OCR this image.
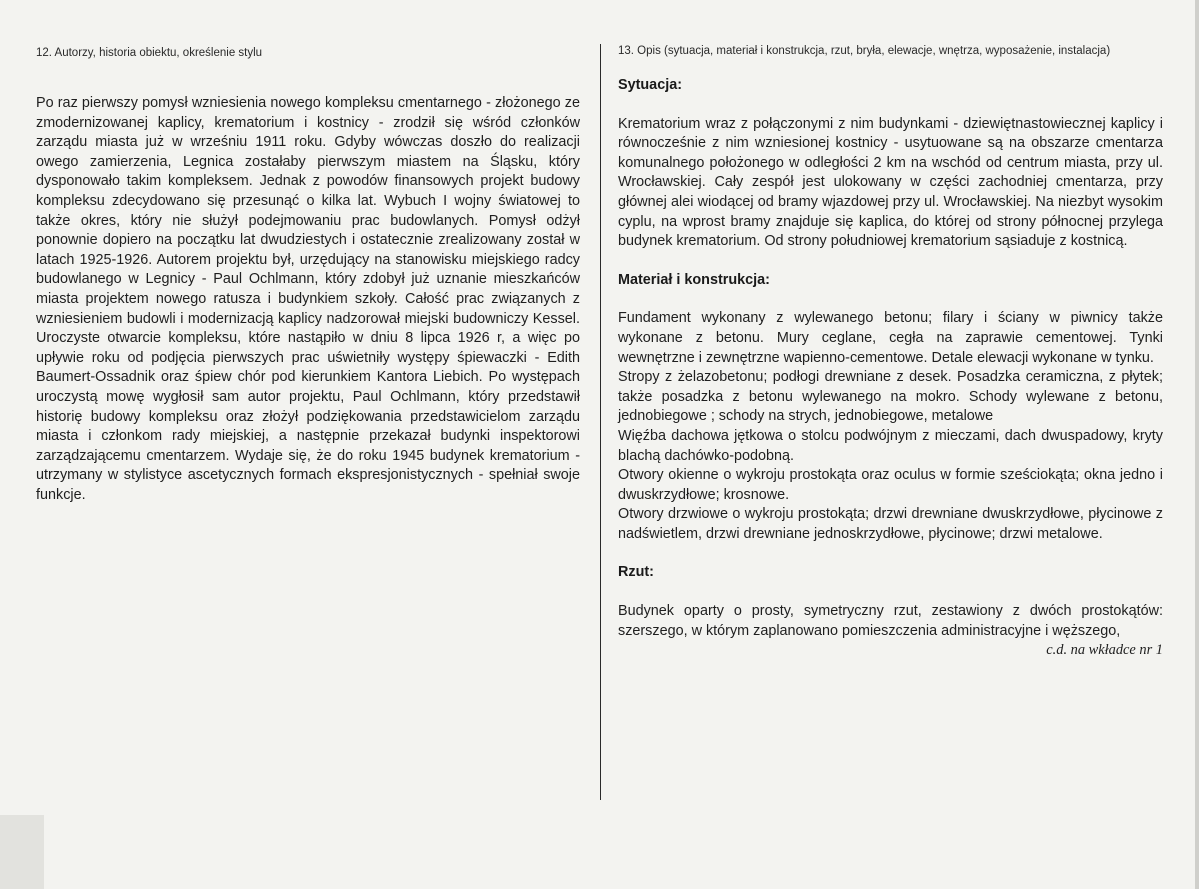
12. Autorzy, historia obiektu, określenie stylu

Po raz pierwszy pomysł wzniesienia nowego kompleksu cmentarnego - złożonego ze zmodernizowanej kaplicy, krematorium i kostnicy - zrodził się wśród członków zarządu miasta już w wrześniu 1911 roku. Gdyby wówczas doszło do realizacji owego zamierzenia, Legnica zostałaby pierwszym miastem na Śląsku, który dysponowało takim kompleksem. Jednak z powodów finansowych projekt budowy kompleksu zdecydowano się przesunąć o kilka lat. Wybuch I wojny światowej to także okres, który nie służył podejmowaniu prac budowlanych. Pomysł odżył ponownie dopiero na początku lat dwudziestych i ostatecznie zrealizowany został w latach 1925-1926. Autorem projektu był, urzędujący na stanowisku miejskiego radcy budowlanego w Legnicy - Paul Ochlmann, który zdobył już uznanie mieszkańców miasta projektem nowego ratusza i budynkiem szkoły. Całość prac związanych z wzniesieniem budowli i modernizacją kaplicy nadzorował miejski budowniczy Kessel. Uroczyste otwarcie kompleksu, które nastąpiło w dniu 8 lipca 1926 r, a więc po upływie roku od podjęcia pierwszych prac uświetniły występy śpiewaczki - Edith Baumert-Ossadnik oraz śpiew chór pod kierunkiem Kantora Liebich. Po występach uroczystą mowę wygłosił sam autor projektu, Paul Ochlmann, który przedstawił historię budowy kompleksu oraz złożył podziękowania przedstawicielom zarządu miasta i członkom rady miejskiej, a następnie przekazał budynki inspektorowi zarządzającemu cmentarzem. Wydaje się, że do roku 1945 budynek krematorium - utrzymany w stylistyce ascetycznych formach ekspresjonistycznych - spełniał swoje funkcje.

13. Opis (sytuacja, materiał i konstrukcja, rzut, bryła, elewacje, wnętrza, wyposażenie, instalacja)
Sytuacja:

Krematorium wraz z połączonymi z nim budynkami - dziewiętnastowiecznej kaplicy i równocześnie z nim wzniesionej kostnicy - usytuowane są na obszarze cmentarza komunalnego położonego w odległości 2 km na wschód od centrum miasta, przy ul. Wrocławskiej. Cały zespół jest ulokowany w części zachodniej cmentarza, przy głównej alei wiodącej od bramy wjazdowej przy ul. Wrocławskiej. Na niezbyt wysokim cyplu, na wprost bramy znajduje się kaplica, do której od strony północnej przylega budynek krematorium. Od strony południowej krematorium sąsiaduje z kostnicą.

Materiał i konstrukcja:

Fundament wykonany z wylewanego betonu; filary i ściany w piwnicy także wykonane z betonu. Mury ceglane, cegła na zaprawie cementowej. Tynki wewnętrzne i zewnętrzne wapienno-cementowe. Detale elewacji wykonane w tynku.

Stropy z żelazobetonu; podłogi drewniane z desek. Posadzka ceramiczna, z płytek; także posadzka z betonu wylewanego na mokro. Schody wylewane z betonu, jednobiegowe ; schody na strych, jednobiegowe, metalowe

Więźba dachowa jętkowa o stolcu podwójnym z mieczami, dach dwuspadowy, kryty blachą dachówko-podobną.

Otwory okienne o wykroju prostokąta oraz oculus w formie sześciokąta; okna jedno i dwuskrzydłowe; krosnowe.

Otwory drzwiowe o wykroju prostokąta; drzwi drewniane dwuskrzydłowe, płycinowe z nadświetlem, drzwi drewniane jednoskrzydłowe, płycinowe; drzwi metalowe.

Rzut:

Budynek oparty o prosty, symetryczny rzut, zestawiony z dwóch prostokątów: szerszego, w którym zaplanowano pomieszczenia administracyjne i węższego,

c.d. na wkładce nr 1
